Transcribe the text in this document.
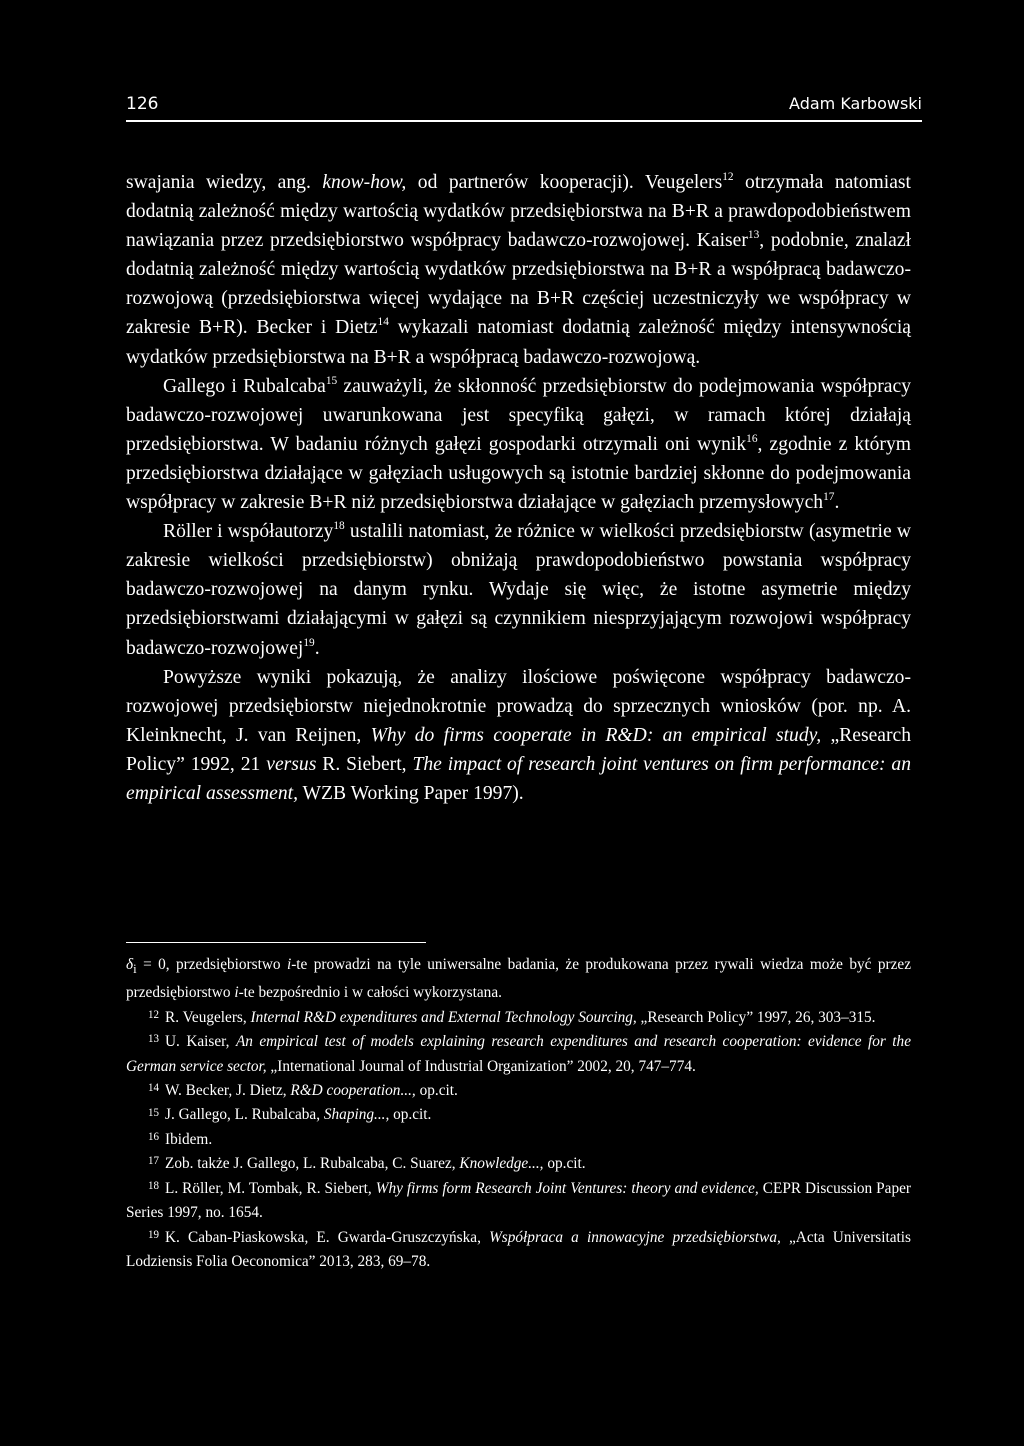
126	Adam Karbowski

swajania wiedzy, ang. know-how, od partnerów kooperacji). Veugelers$^{12}$ otrzymała natomiast dodatnią zależność między wartością wydatków przedsiębiorstwa na B+R a prawdopodobieństwem nawiązania przez przedsiębiorstwo współpracy badawczo-rozwojowej. Kaiser$^{13}$, podobnie, znalazł dodatnią zależność między wartością wydatków przedsiębiorstwa na B+R a współpracą badawczo-rozwojową (przedsiębiorstwa więcej wydające na B+R częściej uczestniczyły we współpracy w zakresie B+R). Becker i Dietz$^{14}$ wykazali natomiast dodatnią zależność między intensywnością wydatków przedsiębiorstwa na B+R a współpracą badawczo-rozwojową.

Gallego i Rubalcaba$^{15}$ zauważyli, że skłonność przedsiębiorstw do podejmowania współpracy badawczo-rozwojowej uwarunkowana jest specyfiką gałęzi, w ramach której działają przedsiębiorstwa. W badaniu różnych gałęzi gospodarki otrzymali oni wynik$^{16}$, zgodnie z którym przedsiębiorstwa działające w gałęziach usługowych są istotnie bardziej skłonne do podejmowania współpracy w zakresie B+R niż przedsiębiorstwa działające w gałęziach przemysłowych$^{17}$.

Röller i współautorzy$^{18}$ ustalili natomiast, że różnice w wielkości przedsiębiorstw (asymetrie w zakresie wielkości przedsiębiorstw) obniżają prawdopodobieństwo powstania współpracy badawczo-rozwojowej na danym rynku. Wydaje się więc, że istotne asymetrie między przedsiębiorstwami działającymi w gałęzi są czynnikiem niesprzyjającym rozwojowi współpracy badawczo-rozwojowej$^{19}$.

Powyższe wyniki pokazują, że analizy ilościowe poświęcone współpracy badawczo-rozwojowej przedsiębiorstw niejednokrotnie prowadzą do sprzecznych wniosków (por. np. A. Kleinknecht, J. van Reijnen, Why do firms cooperate in R&D: an empirical study, „Research Policy” 1992, 21 versus R. Siebert, The impact of research joint ventures on firm performance: an empirical assessment, WZB Working Paper 1997).

$\delta_i = 0$, przedsiębiorstwo i-te prowadzi na tyle uniwersalne badania, że produkowana przez rywali wiedza może być przez przedsiębiorstwo i-te bezpośrednio i w całości wykorzystana.

$^{12}$ R. Veugelers, Internal R&D expenditures and External Technology Sourcing, „Research Policy” 1997, 26, 303–315.

$^{13}$ U. Kaiser, An empirical test of models explaining research expenditures and research cooperation: evidence for the German service sector, „International Journal of Industrial Organization” 2002, 20, 747–774.

$^{14}$ W. Becker, J. Dietz, R&D cooperation..., op.cit.

$^{15}$ J. Gallego, L. Rubalcaba, Shaping..., op.cit.

$^{16}$ Ibidem.

$^{17}$ Zob. także J. Gallego, L. Rubalcaba, C. Suarez, Knowledge..., op.cit.

$^{18}$ L. Röller, M. Tombak, R. Siebert, Why firms form Research Joint Ventures: theory and evidence, CEPR Discussion Paper Series 1997, no. 1654.

$^{19}$ K. Caban-Piaskowska, E. Gwarda-Gruszczyńska, Współpraca a innowacyjne przedsiębiorstwa, „Acta Universitatis Lodziensis Folia Oeconomica” 2013, 283, 69–78.
